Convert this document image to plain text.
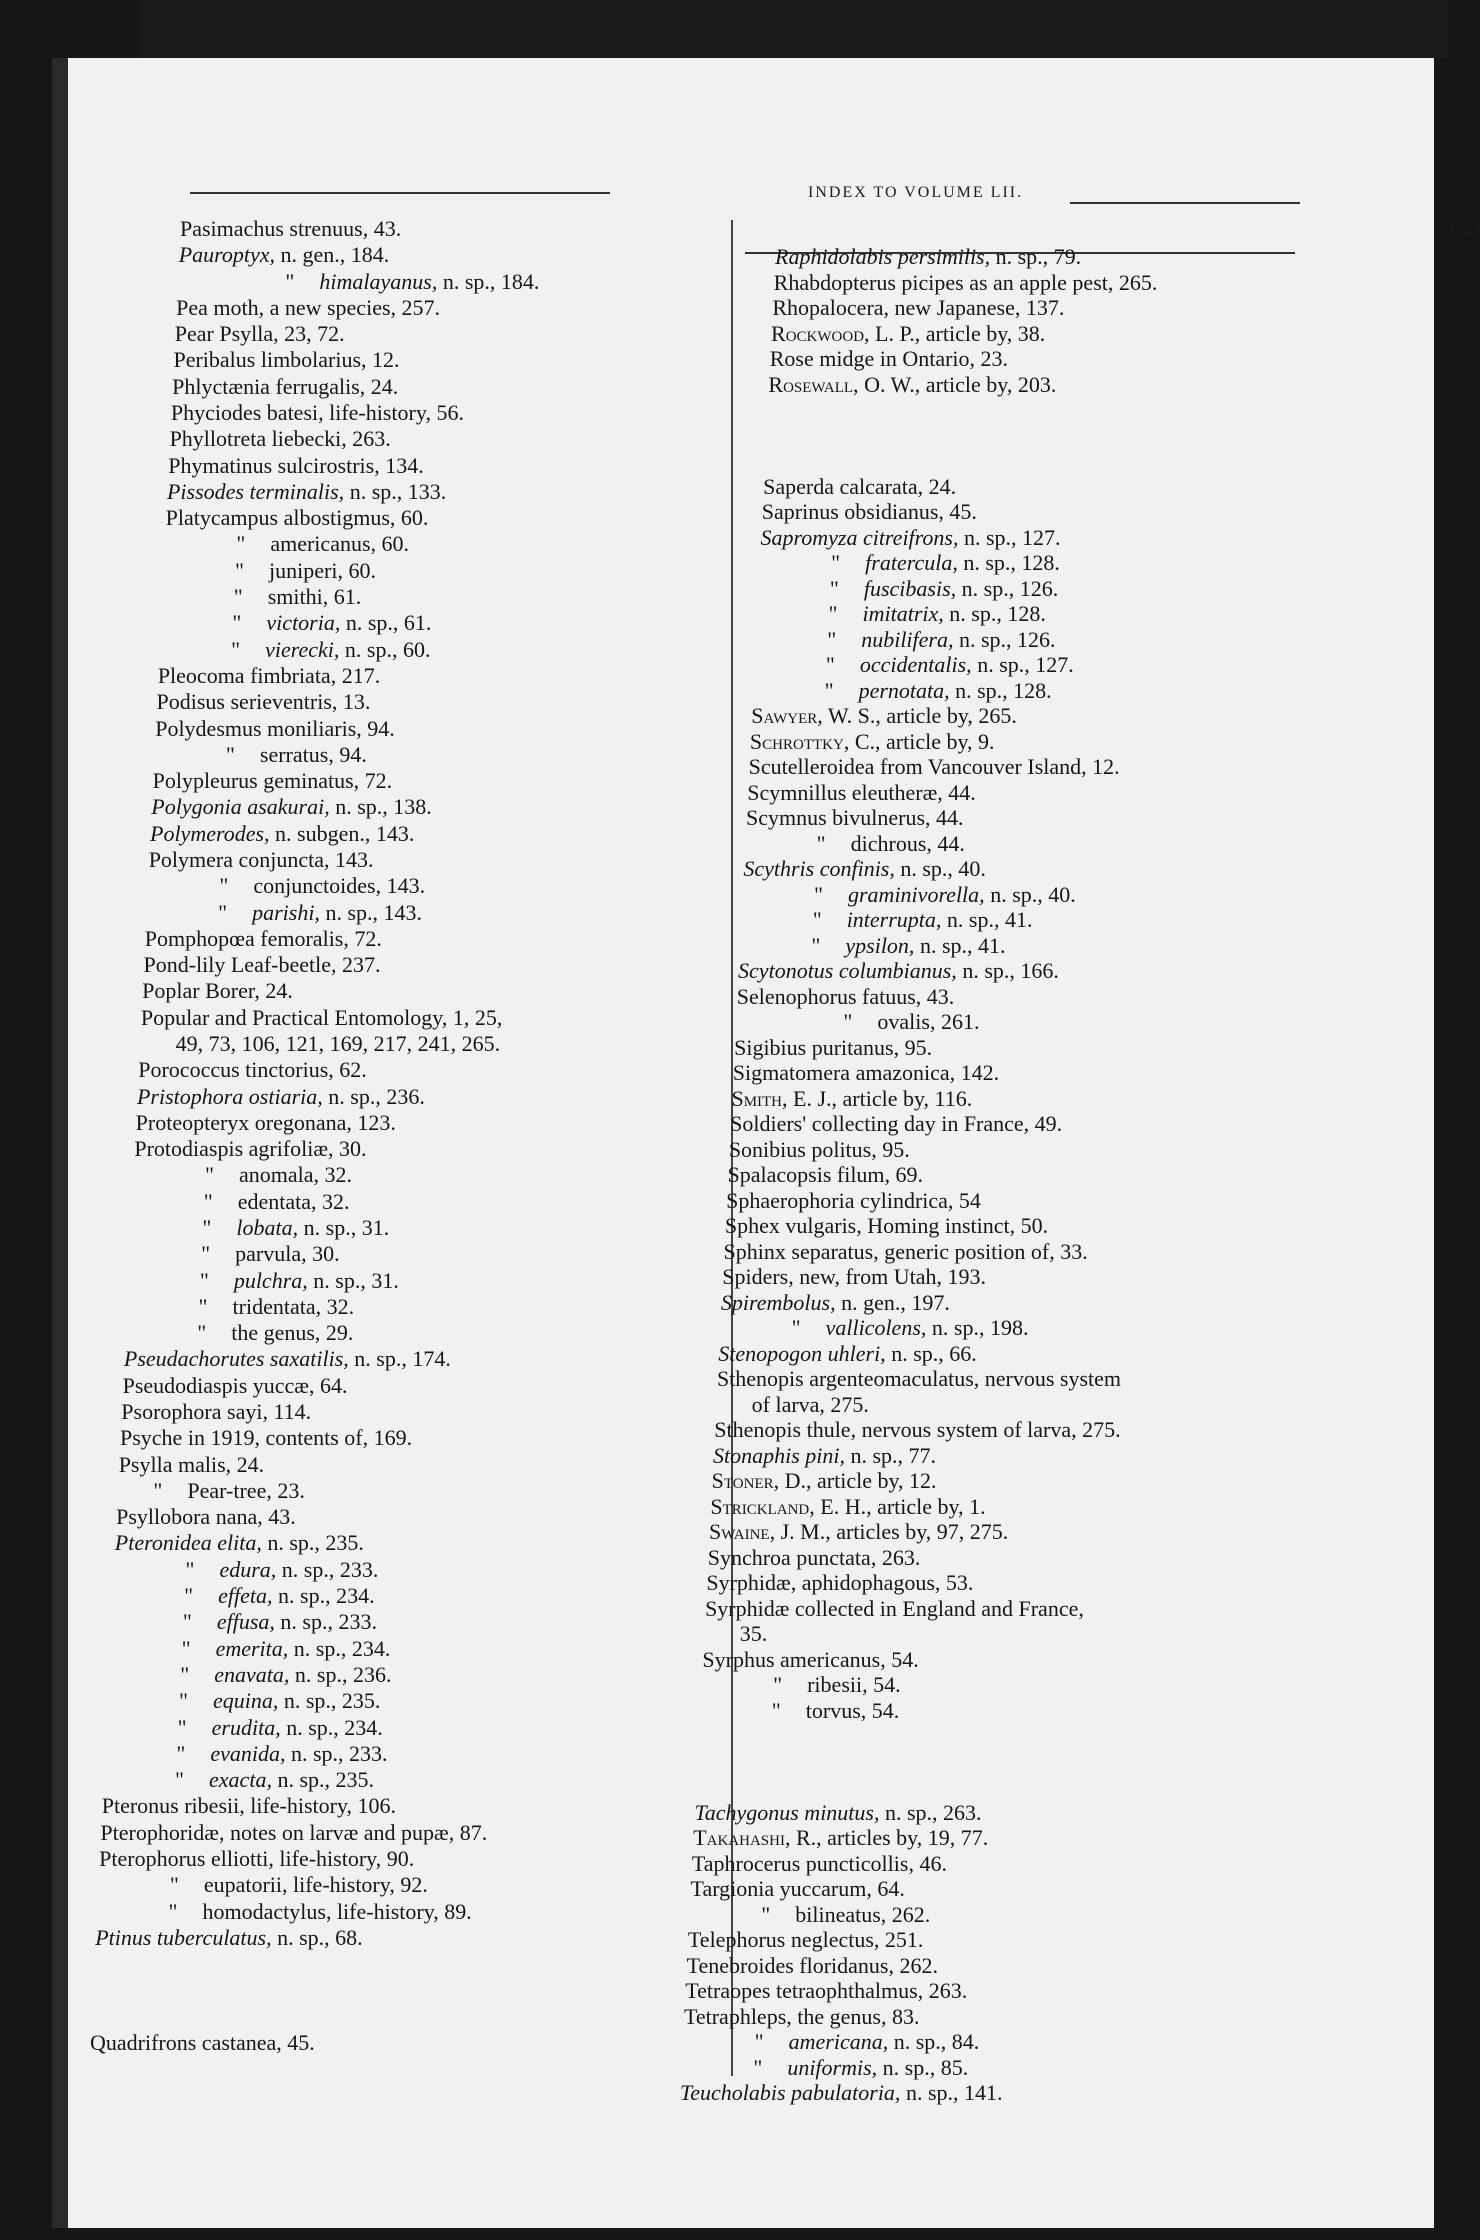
INDEX TO VOLUME LII.
289
Pasimachus strenuus, 43.
Pauroptyx, n. gen., 184.
" himalayanus, n. sp., 184.
Pea moth, a new species, 257.
Pear Psylla, 23, 72.
Peribalus limbolarius, 12.
Phlyctænia ferrugalis, 24.
Phyciodes batesi, life-history, 56.
Phyllotreta liebecki, 263.
Phymatinus sulcirostris, 134.
Pissodes terminalis, n. sp., 133.
Platycampus albostigmus, 60.
" americanus, 60.
" juniperi, 60.
" smithi, 61.
" victoria, n. sp., 61.
" vierecki, n. sp., 60.
Pleocoma fimbriata, 217.
Podisus serieventris, 13.
Polydesmus moniliaris, 94.
" serratus, 94.
Polypleurus geminatus, 72.
Polygonia asakurai, n. sp., 138.
Polymerodes, n. subgen., 143.
Polymera conjuncta, 143.
" conjunctoides, 143.
" parishi, n. sp., 143.
Pomphopœa femoralis, 72.
Pond-lily Leaf-beetle, 237.
Poplar Borer, 24.
Popular and Practical Entomology, 1, 25,
49, 73, 106, 121, 169, 217, 241, 265.
Porococcus tinctorius, 62.
Pristophora ostiaria, n. sp., 236.
Proteopteryx oregonana, 123.
Protodiaspis agrifoliæ, 30.
" anomala, 32.
" edentata, 32.
" lobata, n. sp., 31.
" parvula, 30.
" pulchra, n. sp., 31.
" tridentata, 32.
" the genus, 29.
Pseudachorutes saxatilis, n. sp., 174.
Pseudodiaspis yuccæ, 64.
Psorophora sayi, 114.
Psyche in 1919, contents of, 169.
Psylla malis, 24.
" Pear-tree, 23.
Psyllobora nana, 43.
Pteronidea elita, n. sp., 235.
" edura, n. sp., 233.
" effeta, n. sp., 234.
" effusa, n. sp., 233.
" emerita, n. sp., 234.
" enavata, n. sp., 236.
" equina, n. sp., 235.
" erudita, n. sp., 234.
" evanida, n. sp., 233.
" exacta, n. sp., 235.
Pteronus ribesii, life-history, 106.
Pterophoridæ, notes on larvæ and pupæ, 87.
Pterophorus elliotti, life-history, 90.
" eupatorii, life-history, 92.
" homodactylus, life-history, 89.
Ptinus tuberculatus, n. sp., 68.
Quadrifrons castanea, 45.
Raphidolabis persimilis, n. sp., 79.
Rhabdopterus picipes as an apple pest, 265.
Rhopalocera, new Japanese, 137.
Rockwood, L. P., article by, 38.
Rose midge in Ontario, 23.
Rosewall, O. W., article by, 203.
Saperda calcarata, 24.
Saprinus obsidianus, 45.
Sapromyza citreifrons, n. sp., 127.
" fratercula, n. sp., 128.
" fuscibasis, n. sp., 126.
" imitatrix, n. sp., 128.
" nubilifera, n. sp., 126.
" occidentalis, n. sp., 127.
" pernotata, n. sp., 128.
Sawyer, W. S., article by, 265.
Schrottky, C., article by, 9.
Scutelleroidea from Vancouver Island, 12.
Scymnillus eleutheræ, 44.
Scymnus bivulnerus, 44.
" dichrous, 44.
Scythris confinis, n. sp., 40.
" graminivorella, n. sp., 40.
" interrupta, n. sp., 41.
" ypsilon, n. sp., 41.
Scytonotus columbianus, n. sp., 166.
Selenophorus fatuus, 43.
" ovalis, 261.
Sigibius puritanus, 95.
Sigmatomera amazonica, 142.
Smith, E. J., article by, 116.
Soldiers' collecting day in France, 49.
Sonibius politus, 95.
Spalacopsis filum, 69.
Sphaerophoria cylindrica, 54
Sphex vulgaris, Homing instinct, 50.
Sphinx separatus, generic position of, 33.
Spiders, new, from Utah, 193.
Spirembolus, n. gen., 197.
" vallicolens, n. sp., 198.
Stenopogon uhleri, n. sp., 66.
Sthenopis argenteomaculatus, nervous system
of larva, 275.
Sthenopis thule, nervous system of larva, 275.
Stonaphis pini, n. sp., 77.
Stoner, D., article by, 12.
Strickland, E. H., article by, 1.
Swaine, J. M., articles by, 97, 275.
Synchroa punctata, 263.
Syrphidæ, aphidophagous, 53.
Syrphidæ collected in England and France,
35.
Syrphus americanus, 54.
" ribesii, 54.
" torvus, 54.
Tachygonus minutus, n. sp., 263.
Takahashi, R., articles by, 19, 77.
Taphrocerus puncticollis, 46.
Targionia yuccarum, 64.
" bilineatus, 262.
Telephorus neglectus, 251.
Tenebroides floridanus, 262.
Tetraopes tetraophthalmus, 263.
Tetraphleps, the genus, 83.
" americana, n. sp., 84.
" uniformis, n. sp., 85.
Teucholabis pabulatoria, n. sp., 141.
